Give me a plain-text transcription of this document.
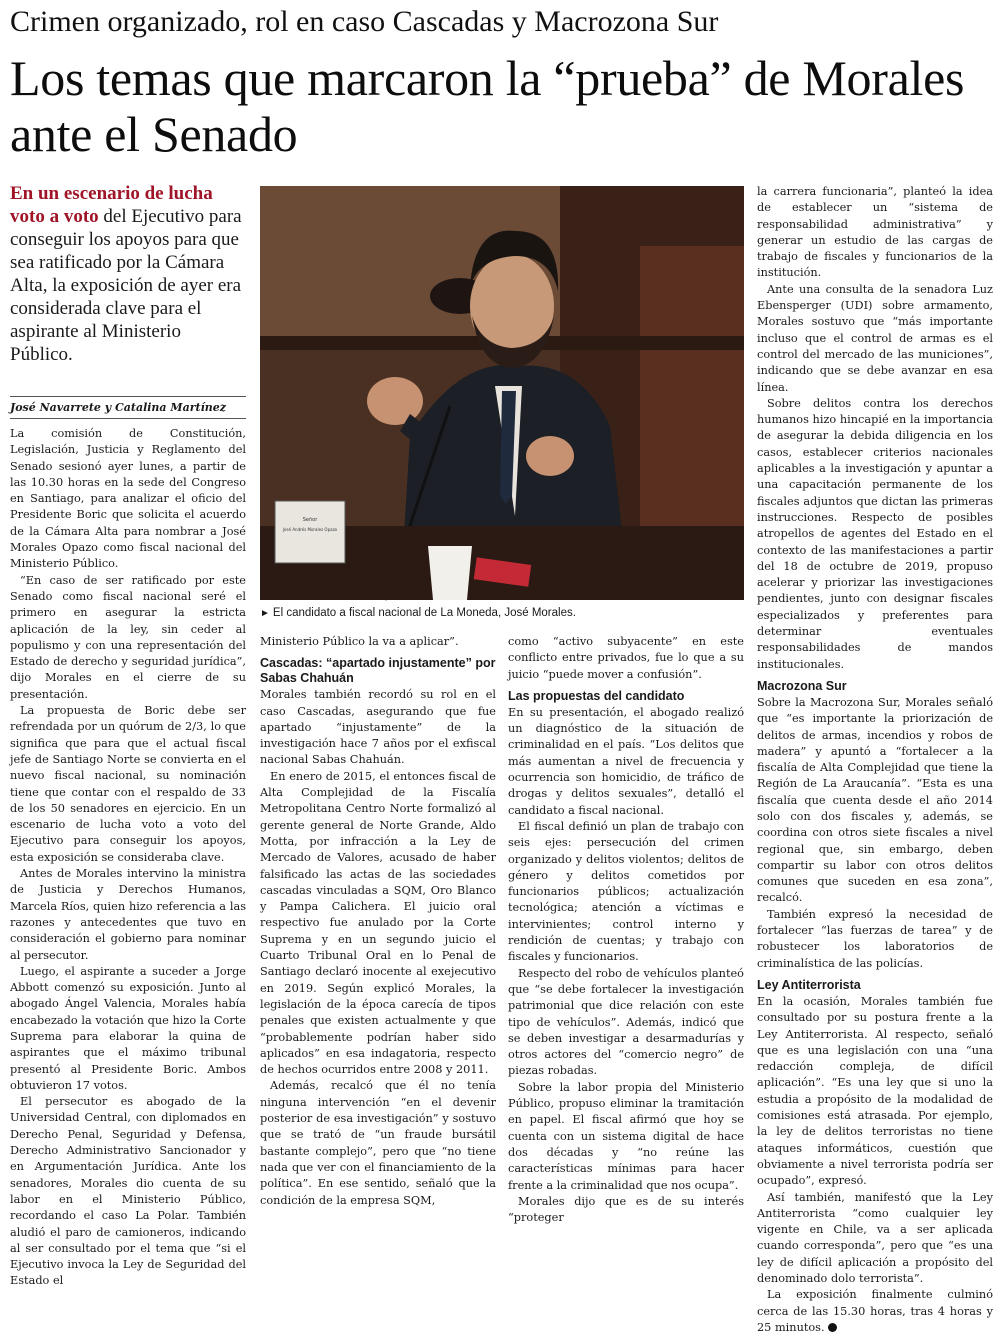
Crimen organizado, rol en caso Cascadas y Macrozona Sur
Los temas que marcaron la “prueba” de Morales ante el Senado

En un escenario de lucha voto a voto del Ejecutivo para conseguir los apoyos para que sea ratificado por la Cámara Alta, la exposición de ayer era considerada clave para el aspirante al Ministerio Público.

José Navarrete y Catalina Martínez

La comisión de Constitución, Legislación, Justicia y Reglamento del Senado sesionó ayer lunes, a partir de las 10.30 horas en la sede del Congreso en Santiago, para analizar el oficio del Presidente Boric que solicita el acuerdo de la Cámara Alta para nombrar a José Morales Opazo como fiscal nacional del Ministerio Público.

“En caso de ser ratificado por este Senado como fiscal nacional seré el primero en asegurar la estricta aplicación de la ley, sin ceder al populismo y con una representación del Estado de derecho y seguridad jurídica”, dijo Morales en el cierre de su presentación.

La propuesta de Boric debe ser refrendada por un quórum de 2/3, lo que significa que para que el actual fiscal jefe de Santiago Norte se convierta en el nuevo fiscal nacional, su nominación tiene que contar con el respaldo de 33 de los 50 senadores en ejercicio. En un escenario de lucha voto a voto del Ejecutivo para conseguir los apoyos, esta exposición se consideraba clave.

Antes de Morales intervino la ministra de Justicia y Derechos Humanos, Marcela Ríos, quien hizo referencia a las razones y antecedentes que tuvo en consideración el gobierno para nominar al persecutor.

Luego, el aspirante a suceder a Jorge Abbott comenzó su exposición. Junto al abogado Ángel Valencia, Morales había encabezado la votación que hizo la Corte Suprema para elaborar la quina de aspirantes que el máximo tribunal presentó al Presidente Boric. Ambos obtuvieron 17 votos.

El persecutor es abogado de la Universidad Central, con diplomados en Derecho Penal, Seguridad y Defensa, Derecho Administrativo Sancionador y en Argumentación Jurídica. Ante los senadores, Morales dio cuenta de su labor en el Ministerio Público, recordando el caso La Polar. También aludió el paro de camioneros, indicando al ser consultado por el tema que “si el Ejecutivo invoca la Ley de Seguridad del Estado el

Señor
José Andrés Morales Opazo
► El candidato a fiscal nacional de La Moneda, José Morales.

Ministerio Público la va a aplicar”.

Cascadas: “apartado injustamente” por Sabas Chahuán

Morales también recordó su rol en el caso Cascadas, asegurando que fue apartado “injustamente” de la investigación hace 7 años por el exfiscal nacional Sabas Chahuán.

En enero de 2015, el entonces fiscal de Alta Complejidad de la Fiscalía Metropolitana Centro Norte formalizó al gerente general de Norte Grande, Aldo Motta, por infracción a la Ley de Mercado de Valores, acusado de haber falsificado las actas de las sociedades cascadas vinculadas a SQM, Oro Blanco y Pampa Calichera. El juicio oral respectivo fue anulado por la Corte Suprema y en un segundo juicio el Cuarto Tribunal Oral en lo Penal de Santiago declaró inocente al exejecutivo en 2019. Según explicó Morales, la legislación de la época carecía de tipos penales que existen actualmente y que “probablemente podrían haber sido aplicados” en esa indagatoria, respecto de hechos ocurridos entre 2008 y 2011.

Además, recalcó que él no tenía ninguna intervención “en el devenir posterior de esa investigación” y sostuvo que se trató de “un fraude bursátil bastante complejo”, pero que “no tiene nada que ver con el financiamiento de la política”. En ese sentido, señaló que la condición de la empresa SQM,

como “activo subyacente” en este conflicto entre privados, fue lo que a su juicio “puede mover a confusión”.

Las propuestas del candidato

En su presentación, el abogado realizó un diagnóstico de la situación de criminalidad en el país. “Los delitos que más aumentan a nivel de frecuencia y ocurrencia son homicidio, de tráfico de drogas y delitos sexuales”, detalló el candidato a fiscal nacional.

El fiscal definió un plan de trabajo con seis ejes: persecución del crimen organizado y delitos violentos; delitos de género y delitos cometidos por funcionarios públicos; actualización tecnológica; atención a víctimas e intervinientes; control interno y rendición de cuentas; y trabajo con fiscales y funcionarios.

Respecto del robo de vehículos planteó que “se debe fortalecer la investigación patrimonial que dice relación con este tipo de vehículos”. Además, indicó que se deben investigar a desarmadurías y otros actores del “comercio negro” de piezas robadas.

Sobre la labor propia del Ministerio Público, propuso eliminar la tramitación en papel. El fiscal afirmó que hoy se cuenta con un sistema digital de hace dos décadas y “no reúne las características mínimas para hacer frente a la criminalidad que nos ocupa”.

Morales dijo que es de su interés “proteger

la carrera funcionaria”, planteó la idea de establecer un “sistema de responsabilidad administrativa” y generar un estudio de las cargas de trabajo de fiscales y funcionarios de la institución.

Ante una consulta de la senadora Luz Ebensperger (UDI) sobre armamento, Morales sostuvo que “más importante incluso que el control de armas es el control del mercado de las municiones”, indicando que se debe avanzar en esa línea.

Sobre delitos contra los derechos humanos hizo hincapié en la importancia de asegurar la debida diligencia en los casos, establecer criterios nacionales aplicables a la investigación y apuntar a una capacitación permanente de los fiscales adjuntos que dictan las primeras instrucciones. Respecto de posibles atropellos de agentes del Estado en el contexto de las manifestaciones a partir del 18 de octubre de 2019, propuso acelerar y priorizar las investigaciones pendientes, junto con designar fiscales especializados y preferentes para determinar eventuales responsabilidades de mandos institucionales.

Macrozona Sur

Sobre la Macrozona Sur, Morales señaló que “es importante la priorización de delitos de armas, incendios y robos de madera” y apuntó a “fortalecer a la fiscalía de Alta Complejidad que tiene la Región de La Araucanía”. “Esta es una fiscalía que cuenta desde el año 2014 solo con dos fiscales y, además, se coordina con otros siete fiscales a nivel regional que, sin embargo, deben compartir su labor con otros delitos comunes que suceden en esa zona”, recalcó.

También expresó la necesidad de fortalecer “las fuerzas de tarea” y de robustecer los laboratorios de criminalística de las policías.

Ley Antiterrorista

En la ocasión, Morales también fue consultado por su postura frente a la Ley Antiterrorista. Al respecto, señaló que es una legislación con una “una redacción compleja, de difícil aplicación”. “Es una ley que si uno la estudia a propósito de la modalidad de comisiones está atrasada. Por ejemplo, la ley de delitos terroristas no tiene ataques informáticos, cuestión que obviamente a nivel terrorista podría ser ocupado”, expresó.

Así también, manifestó que la Ley Antiterrorista “como cualquier ley vigente en Chile, va a ser aplicada cuando corresponda”, pero que “es una ley de difícil aplicación a propósito del denominado dolo terrorista”.

La exposición finalmente culminó cerca de las 15.30 horas, tras 4 horas y 25 minutos.
